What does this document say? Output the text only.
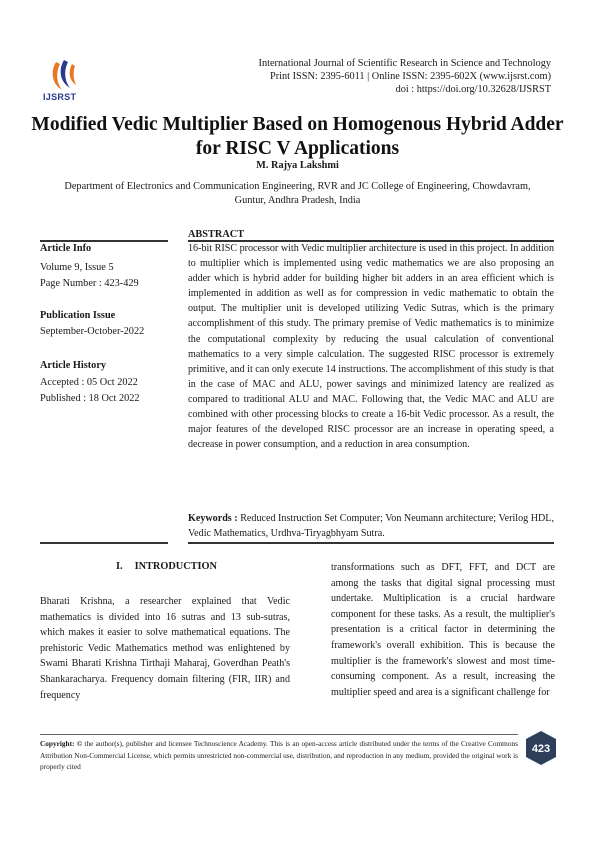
IJSRST
International Journal of Scientific Research in Science and Technology
Print ISSN: 2395-6011 | Online ISSN: 2395-602X (www.ijsrst.com)
doi : https://doi.org/10.32628/IJSRST
Modified Vedic Multiplier Based on Homogenous Hybrid Adder
for RISC V Applications
M. Rajya Lakshmi
Department of Electronics and Communication Engineering, RVR and JC College of Engineering, Chowdavram,
Guntur, Andhra Pradesh, India
Article Info
Volume 9, Issue 5
Page Number : 423-429
Publication Issue
September-October-2022
Article History
Accepted : 05 Oct 2022
Published : 18 Oct 2022
ABSTRACT
16-bit RISC processor with Vedic multiplier architecture is used in this project. In addition to multiplier which is implemented using vedic mathematics we are also proposing an adder which is hybrid adder for building higher bit adders in an area efficient which is implemented in addition as well as for compression in vedic mathematic to obtain the output. The multiplier unit is developed utilizing Vedic Sutras, which is the primary accomplishment of this study. The primary premise of Vedic mathematics is to minimize the computational complexity by reducing the usual calculation of conventional mathematics to a very simple calculation. The suggested RISC processor is extremely primitive, and it can only execute 14 instructions. The accomplishment of this study is that in the case of MAC and ALU, power savings and minimized latency are realized as compared to traditional ALU and MAC. Following that, the Vedic MAC and ALU are combined with other processing blocks to create a 16-bit Vedic processor. As a result, the major features of the developed RISC processor are an increase in operating speed, a decrease in power consumption, and a reduction in area consumption.
Keywords : Reduced Instruction Set Computer; Von Neumann architecture; Verilog HDL, Vedic Mathematics, Urdhva-Tiryagbhyam Sutra.
I. INTRODUCTION
Bharati Krishna, a researcher explained that Vedic mathematics is divided into 16 sutras and 13 sub-sutras, which makes it easier to solve mathematical equations. The prehistoric Vedic Mathematics method was enlightened by Swami Bharati Krishna Tirthaji Maharaj, Goverdhan Peath's Shankaracharya. Frequency domain filtering (FIR, IIR) and frequency
transformations such as DFT, FFT, and DCT are among the tasks that digital signal processing must undertake. Multiplication is a crucial hardware component for these tasks. As a result, the multiplier's presentation is a critical factor in determining the framework's overall exhibition. This is because the multiplier is the framework's slowest and most time-consuming component. As a result, increasing the multiplier speed and area is a significant challenge for
Copyright: © the author(s), publisher and licensee Technoscience Academy. This is an open-access article distributed under the terms of the Creative Commons Attribution Non-Commercial License, which permits unrestricted non-commercial use, distribution, and reproduction in any medium, provided the original work is properly cited
423
